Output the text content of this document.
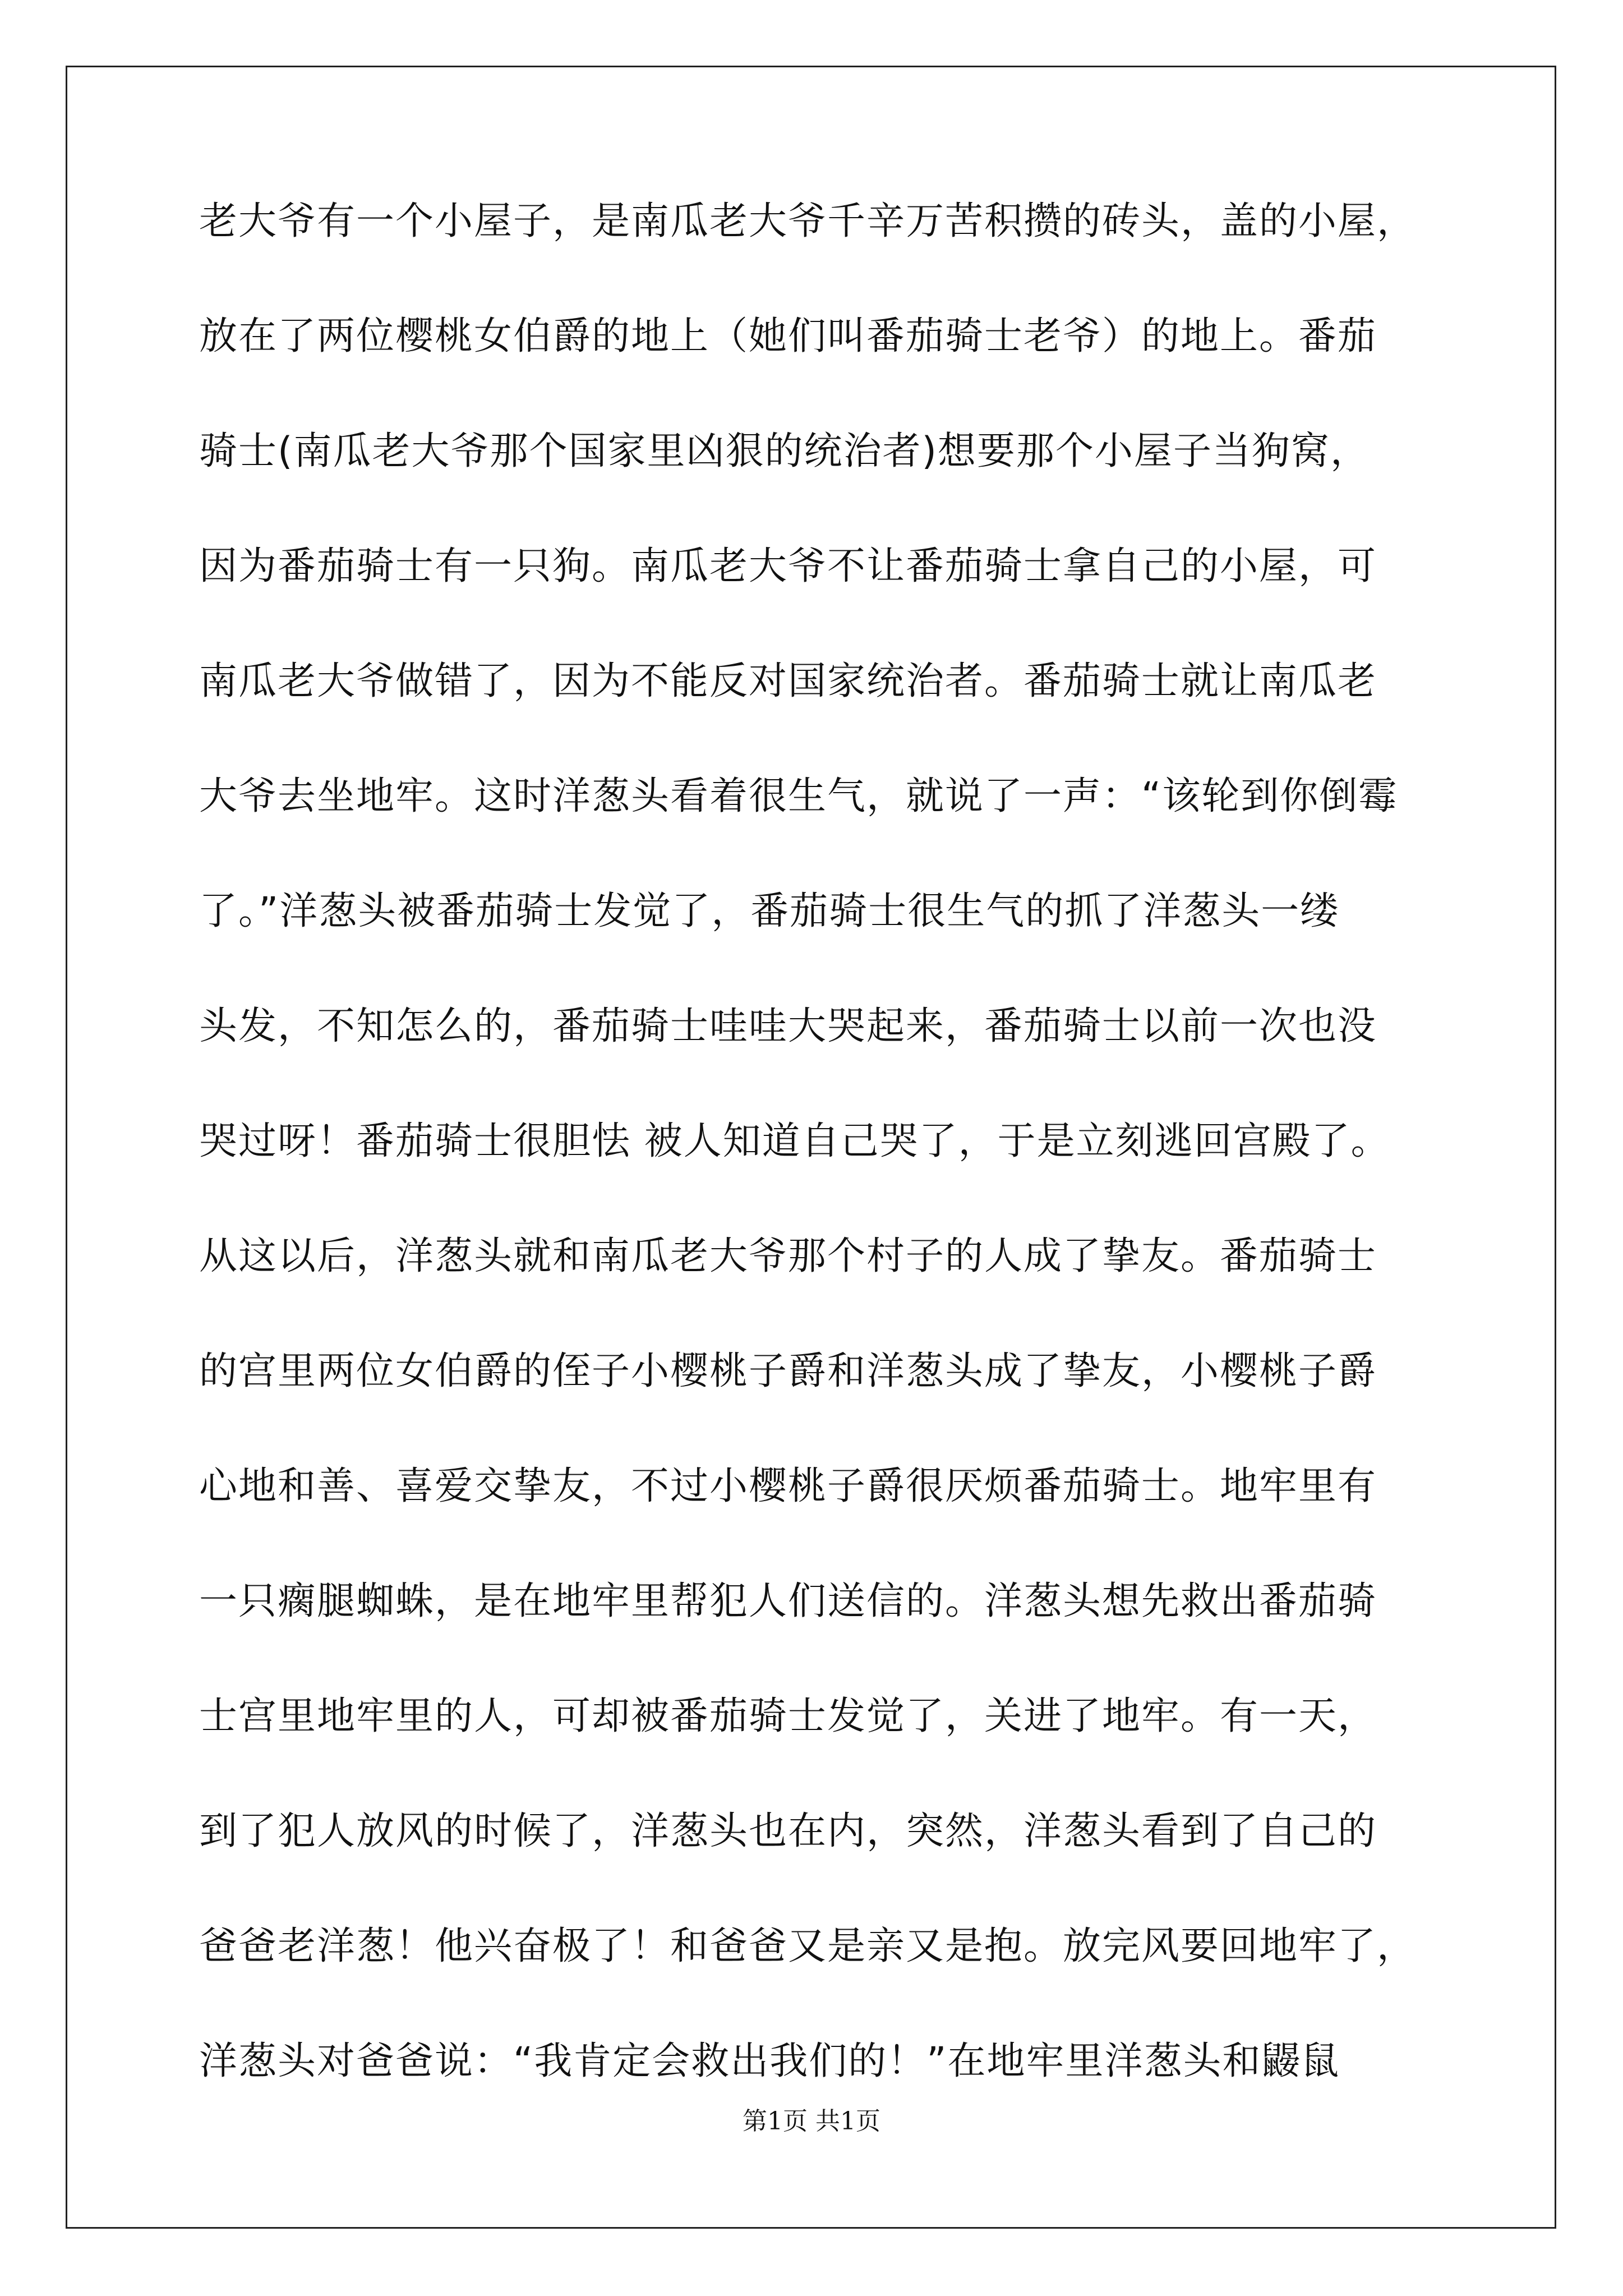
老大爷有一个小屋子，是南瓜老大爷千辛万苦积攒的砖头，盖的小屋，
放在了两位樱桃女伯爵的地上（她们叫番茄骑士老爷）的地上。番茄
骑士(南瓜老大爷那个国家里凶狠的统治者)想要那个小屋子当狗窝，
因为番茄骑士有一只狗。南瓜老大爷不让番茄骑士拿自己的小屋，可
南瓜老大爷做错了，因为不能反对国家统治者。番茄骑士就让南瓜老
大爷去坐地牢。这时洋葱头看着很生气，就说了一声：“该轮到你倒霉
了。”洋葱头被番茄骑士发觉了，番茄骑士很生气的抓了洋葱头一缕
头发，不知怎么的，番茄骑士哇哇大哭起来，番茄骑士以前一次也没
哭过呀！番茄骑士很胆怯 被人知道自己哭了，于是立刻逃回宫殿了。
从这以后，洋葱头就和南瓜老大爷那个村子的人成了挚友。番茄骑士
的宫里两位女伯爵的侄子小樱桃子爵和洋葱头成了挚友，小樱桃子爵
心地和善、喜爱交挚友，不过小樱桃子爵很厌烦番茄骑士。地牢里有
一只瘸腿蜘蛛，是在地牢里帮犯人们送信的。洋葱头想先救出番茄骑
士宫里地牢里的人，可却被番茄骑士发觉了，关进了地牢。有一天，
到了犯人放风的时候了，洋葱头也在内，突然，洋葱头看到了自己的
爸爸老洋葱！他兴奋极了！和爸爸又是亲又是抱。放完风要回地牢了，
洋葱头对爸爸说：“我肯定会救出我们的！”在地牢里洋葱头和鼹鼠
第1页 共1页
